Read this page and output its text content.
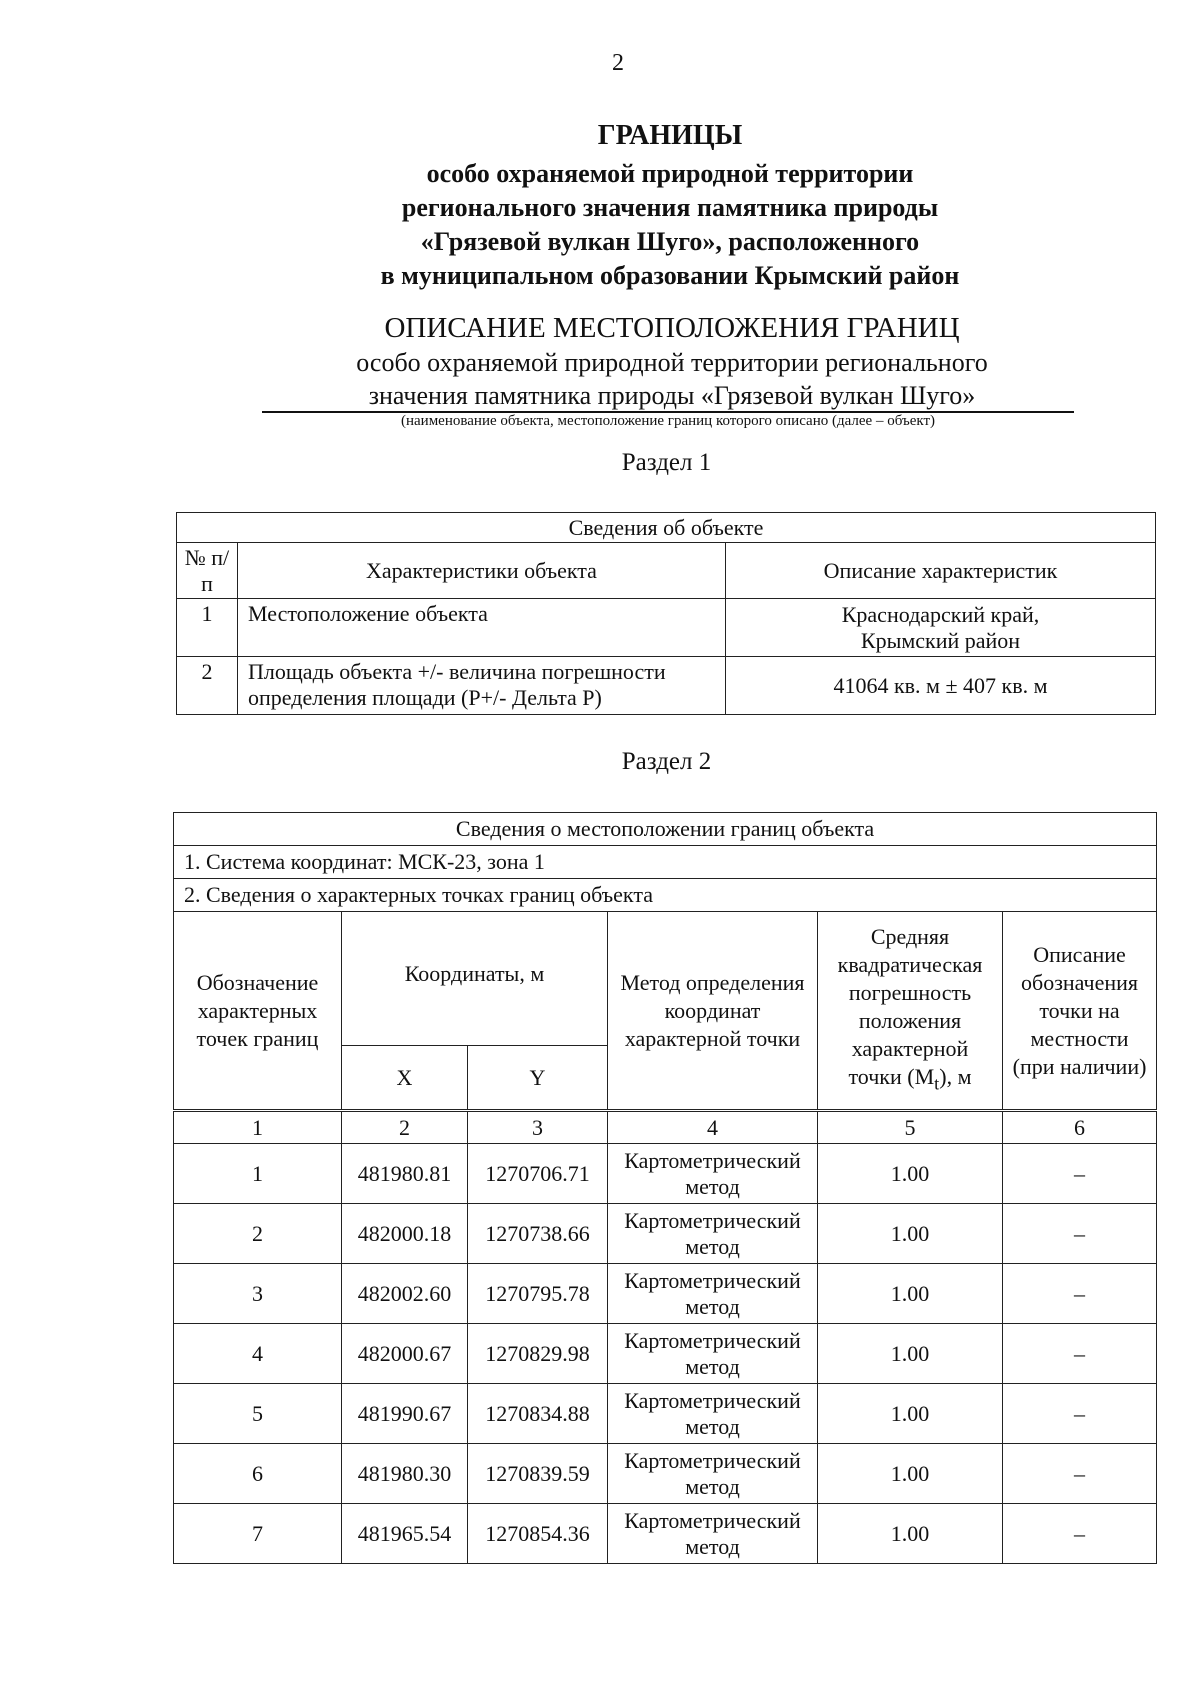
2
ГРАНИЦЫ
особо охраняемой природной территории
регионального значения памятника природы
«Грязевой вулкан Шуго», расположенного
в муниципальном образовании Крымский район
ОПИСАНИЕ МЕСТОПОЛОЖЕНИЯ ГРАНИЦ
особо охраняемой природной территории регионального
значения памятника природы «Грязевой вулкан Шуго»
(наименование объекта, местоположение границ которого описано (далее – объект)
Раздел 1
Сведения об объекте		
№ п/п	Характеристики объекта	Описание характеристик
1	Местоположение объекта	Краснодарский край,
Крымский район

2	Площадь объекта +/- величина погрешности определения площади (Р+/- Дельта Р)	41064 кв. м ± 407 кв. м
Раздел 2
Сведения о местоположении границ объекта					
1. Система координат: МСК-23, зона 1					
2. Сведения о характерных точках границ объекта					
Обозначение характерных точек границ	Координаты, м		Метод определения координат характерной точки	Средняя квадратическая погрешность положения характерной точки $(M_t)$, м	Описание обозначения точки на местности (при наличии)
	X	Y			
1	2	3	4	5	6
1	481980.81	1270706.71	Картометрический метод	1.00	–
2	482000.18	1270738.66	Картометрический метод	1.00	–
3	482002.60	1270795.78	Картометрический метод	1.00	–
4	482000.67	1270829.98	Картометрический метод	1.00	–
5	481990.67	1270834.88	Картометрический метод	1.00	–
6	481980.30	1270839.59	Картометрический метод	1.00	–
7	481965.54	1270854.36	Картометрический метод	1.00	–
